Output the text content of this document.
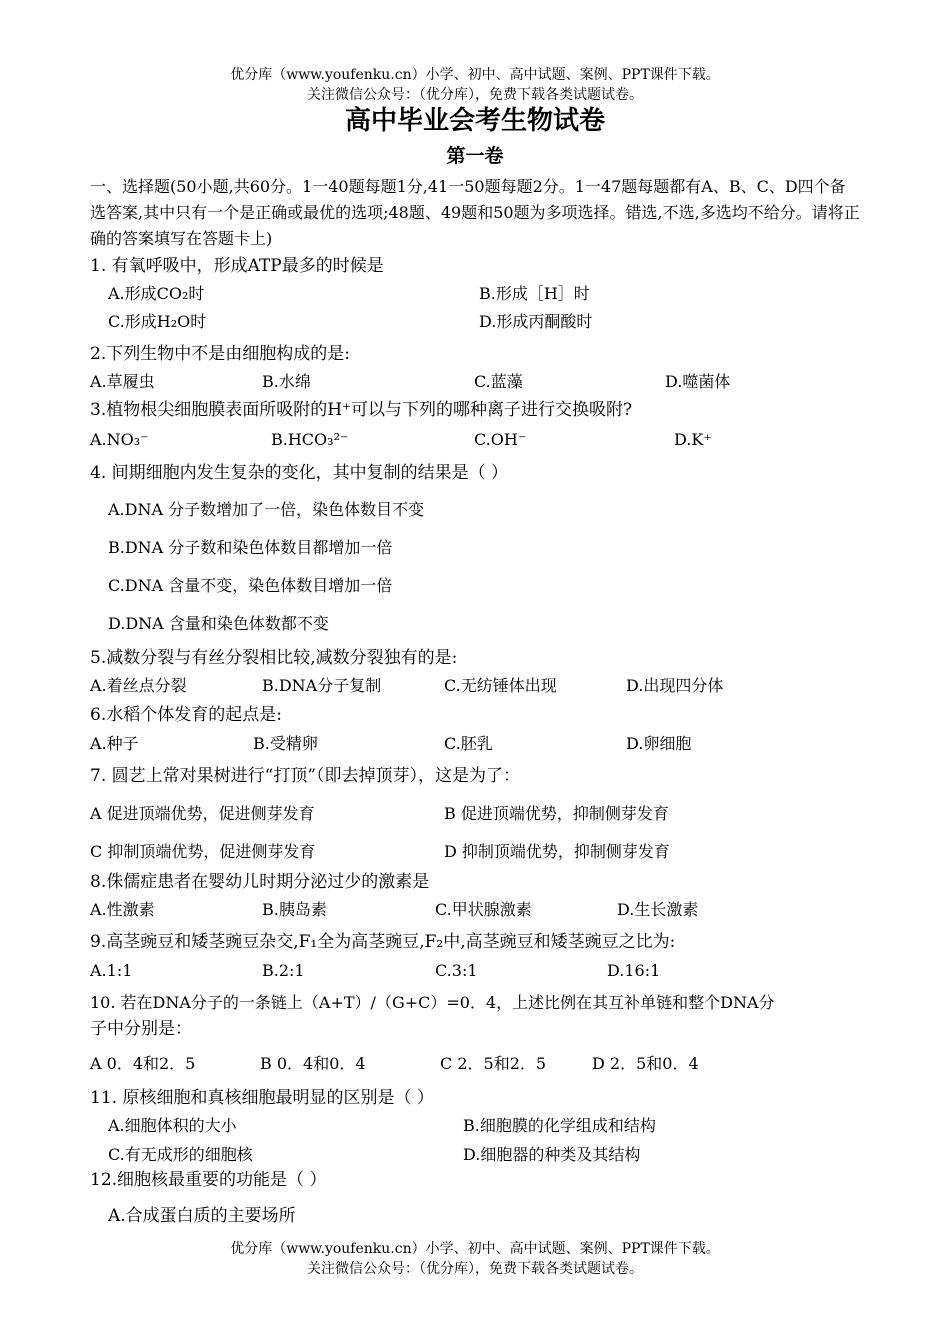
优分库（www.youfenku.cn）小学、初中、高中试题、案例、PPT课件下载。
关注微信公众号：（优分库），免费下载各类试题试卷。
高中毕业会考生物试卷
第一卷
一、选择题(50小题,共60分。1一40题每题1分,41一50题每题2分。1一47题每题都有A、B、C、D四个备选答案,其中只有一个是正确或最优的选项;48题、49题和50题为多项选择。错选,不选,多选均不给分。请将正确的答案填写在答题卡上)
1. 有氧呼吸中，形成ATP最多的时候是
A.形成CO₂时	B.形成［H］时
C.形成H₂O时	D.形成丙酮酸时
2.下列生物中不是由细胞构成的是:
A.草履虫	B.水绵	C.蓝藻	D.噬菌体
3.植物根尖细胞膜表面所吸附的H⁺可以与下列的哪种离子进行交换吸附?
A.NO₃⁻	B.HCO₃²⁻	C.OH⁻	D.K⁺
4. 间期细胞内发生复杂的变化，其中复制的结果是（ ）
A.DNA 分子数增加了一倍，染色体数目不变
B.DNA 分子数和染色体数目都增加一倍
C.DNA 含量不变，染色体数目增加一倍
D.DNA 含量和染色体数都不变
5.减数分裂与有丝分裂相比较,减数分裂独有的是:
A.着丝点分裂	B.DNA分子复制	C.无纺锤体出现	D.出现四分体
6.水稻个体发育的起点是:
A.种子	B.受精卵	C.胚乳	D.卵细胞
7. 圆艺上常对果树进行“打顶”（即去掉顶芽），这是为了：
A 促进顶端优势，促进侧芽发育	B 促进顶端优势，抑制侧芽发育
C 抑制顶端优势，促进侧芽发育	D 抑制顶端优势，抑制侧芽发育
8.侏儒症患者在婴幼儿时期分泌过少的激素是
A.性激素	B.胰岛素	C.甲状腺激素	D.生长激素
9.高茎豌豆和矮茎豌豆杂交,F₁全为高茎豌豆,F₂中,高茎豌豆和矮茎豌豆之比为:
A.1:1	B.2:1	C.3:1	D.16:1
10. 若在DNA分子的一条链上（A+T）/（G+C）=0．4，上述比例在其互补单链和整个DNA分
子中分别是：
A 0．4和2．5	B 0．4和0．4	C 2．5和2．5	D 2．5和0．4
11. 原核细胞和真核细胞最明显的区别是（ ）
A.细胞体积的大小	B.细胞膜的化学组成和结构
C.有无成形的细胞核	D.细胞器的种类及其结构
12.细胞核最重要的功能是（ ）
A.合成蛋白质的主要场所
优分库（www.youfenku.cn）小学、初中、高中试题、案例、PPT课件下载。
关注微信公众号：（优分库），免费下载各类试题试卷。
